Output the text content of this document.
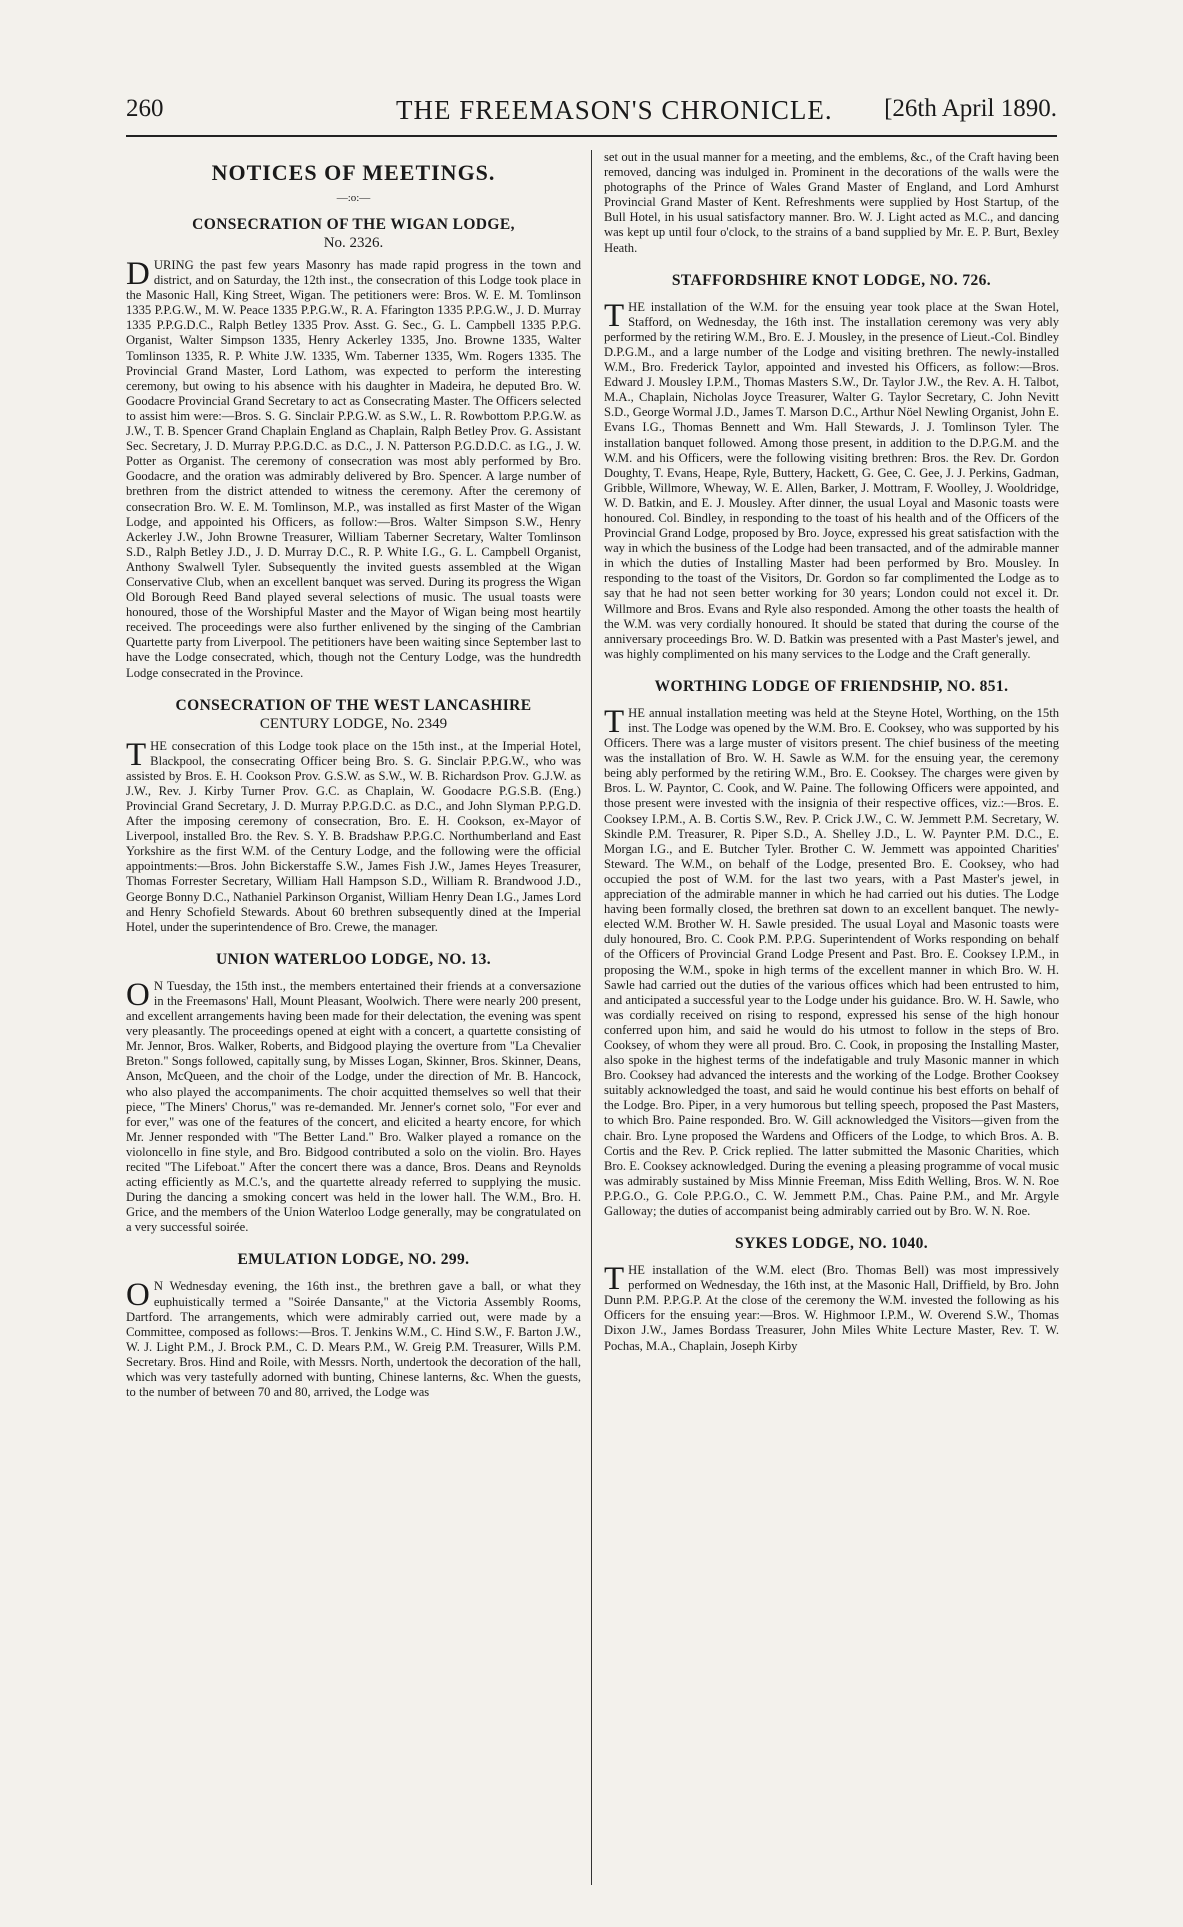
260	THE FREEMASON'S CHRONICLE. [26th April 1890.
NOTICES OF MEETINGS.
—:o:—
CONSECRATION OF THE WIGAN LODGE,
No. 2326.

DURING the past few years Masonry has made rapid progress in the town and district, and on Saturday, the 12th inst., the consecration of this Lodge took place in the Masonic Hall, King Street, Wigan. The petitioners were: Bros. W. E. M. Tomlinson 1335 P.P.G.W., M. W. Peace 1335 P.P.G.W., R. A. Ffarington 1335 P.P.G.W., J. D. Murray 1335 P.P.G.D.C., Ralph Betley 1335 Prov. Asst. G. Sec., G. L. Campbell 1335 P.P.G. Organist, Walter Simpson 1335, Henry Ackerley 1335, Jno. Browne 1335, Walter Tomlinson 1335, R. P. White J.W. 1335, Wm. Taberner 1335, Wm. Rogers 1335. The Provincial Grand Master, Lord Lathom, was expected to perform the interesting ceremony, but owing to his absence with his daughter in Madeira, he deputed Bro. W. Goodacre Provincial Grand Secretary to act as Consecrating Master. The Officers selected to assist him were:—Bros. S. G. Sinclair P.P.G.W. as S.W., L. R. Rowbottom P.P.G.W. as J.W., T. B. Spencer Grand Chaplain England as Chaplain, Ralph Betley Prov. G. Assistant Sec. Secretary, J. D. Murray P.P.G.D.C. as D.C., J. N. Patterson P.G.D.D.C. as I.G., J. W. Potter as Organist. The ceremony of consecration was most ably performed by Bro. Goodacre, and the oration was admirably delivered by Bro. Spencer. A large number of brethren from the district attended to witness the ceremony. After the ceremony of consecration Bro. W. E. M. Tomlinson, M.P., was installed as first Master of the Wigan Lodge, and appointed his Officers, as follow:—Bros. Walter Simpson S.W., Henry Ackerley J.W., John Browne Treasurer, William Taberner Secretary, Walter Tomlinson S.D., Ralph Betley J.D., J. D. Murray D.C., R. P. White I.G., G. L. Campbell Organist, Anthony Swalwell Tyler. Subsequently the invited guests assembled at the Wigan Conservative Club, when an excellent banquet was served. During its progress the Wigan Old Borough Reed Band played several selections of music. The usual toasts were honoured, those of the Worshipful Master and the Mayor of Wigan being most heartily received. The proceedings were also further enlivened by the singing of the Cambrian Quartette party from Liverpool. The petitioners have been waiting since September last to have the Lodge consecrated, which, though not the Century Lodge, was the hundredth Lodge consecrated in the Province.

CONSECRATION OF THE WEST LANCASHIRE
CENTURY LODGE, No. 2349

THE consecration of this Lodge took place on the 15th inst., at the Imperial Hotel, Blackpool, the consecrating Officer being Bro. S. G. Sinclair P.P.G.W., who was assisted by Bros. E. H. Cookson Prov. G.S.W. as S.W., W. B. Richardson Prov. G.J.W. as J.W., Rev. J. Kirby Turner Prov. G.C. as Chaplain, W. Goodacre P.G.S.B. (Eng.) Provincial Grand Secretary, J. D. Murray P.P.G.D.C. as D.C., and John Slyman P.P.G.D. After the imposing ceremony of consecration, Bro. E. H. Cookson, ex-Mayor of Liverpool, installed Bro. the Rev. S. Y. B. Bradshaw P.P.G.C. Northumberland and East Yorkshire as the first W.M. of the Century Lodge, and the following were the official appointments:—Bros. John Bickerstaffe S.W., James Fish J.W., James Heyes Treasurer, Thomas Forrester Secretary, William Hall Hampson S.D., William R. Brandwood J.D., George Bonny D.C., Nathaniel Parkinson Organist, William Henry Dean I.G., James Lord and Henry Schofield Stewards. About 60 brethren subsequently dined at the Imperial Hotel, under the superintendence of Bro. Crewe, the manager.

UNION WATERLOO LODGE, NO. 13.

ON Tuesday, the 15th inst., the members entertained their friends at a conversazione in the Freemasons' Hall, Mount Pleasant, Woolwich. There were nearly 200 present, and excellent arrangements having been made for their delectation, the evening was spent very pleasantly. The proceedings opened at eight with a concert, a quartette consisting of Mr. Jennor, Bros. Walker, Roberts, and Bidgood playing the overture from "La Chevalier Breton." Songs followed, capitally sung, by Misses Logan, Skinner, Bros. Skinner, Deans, Anson, McQueen, and the choir of the Lodge, under the direction of Mr. B. Hancock, who also played the accompaniments. The choir acquitted themselves so well that their piece, "The Miners' Chorus," was re-demanded. Mr. Jenner's cornet solo, "For ever and for ever," was one of the features of the concert, and elicited a hearty encore, for which Mr. Jenner responded with "The Better Land." Bro. Walker played a romance on the violoncello in fine style, and Bro. Bidgood contributed a solo on the violin. Bro. Hayes recited "The Lifeboat." After the concert there was a dance, Bros. Deans and Reynolds acting efficiently as M.C.'s, and the quartette already referred to supplying the music. During the dancing a smoking concert was held in the lower hall. The W.M., Bro. H. Grice, and the members of the Union Waterloo Lodge generally, may be congratulated on a very successful soirée.

EMULATION LODGE, NO. 299.

ON Wednesday evening, the 16th inst., the brethren gave a ball, or what they euphuistically termed a "Soirée Dansante," at the Victoria Assembly Rooms, Dartford. The arrangements, which were admirably carried out, were made by a Committee, composed as follows:—Bros. T. Jenkins W.M., C. Hind S.W., F. Barton J.W., W. J. Light P.M., J. Brock P.M., C. D. Mears P.M., W. Greig P.M. Treasurer, Wills P.M. Secretary. Bros. Hind and Roile, with Messrs. North, undertook the decoration of the hall, which was very tastefully adorned with bunting, Chinese lanterns, &c. When the guests, to the number of between 70 and 80, arrived, the Lodge was

set out in the usual manner for a meeting, and the emblems, &c., of the Craft having been removed, dancing was indulged in. Prominent in the decorations of the walls were the photographs of the Prince of Wales Grand Master of England, and Lord Amhurst Provincial Grand Master of Kent. Refreshments were supplied by Host Startup, of the Bull Hotel, in his usual satisfactory manner. Bro. W. J. Light acted as M.C., and dancing was kept up until four o'clock, to the strains of a band supplied by Mr. E. P. Burt, Bexley Heath.

STAFFORDSHIRE KNOT LODGE, NO. 726.

THE installation of the W.M. for the ensuing year took place at the Swan Hotel, Stafford, on Wednesday, the 16th inst. The installation ceremony was very ably performed by the retiring W.M., Bro. E. J. Mousley, in the presence of Lieut.-Col. Bindley D.P.G.M., and a large number of the Lodge and visiting brethren. The newly-installed W.M., Bro. Frederick Taylor, appointed and invested his Officers, as follow:—Bros. Edward J. Mousley I.P.M., Thomas Masters S.W., Dr. Taylor J.W., the Rev. A. H. Talbot, M.A., Chaplain, Nicholas Joyce Treasurer, Walter G. Taylor Secretary, C. John Nevitt S.D., George Wormal J.D., James T. Marson D.C., Arthur Nöel Newling Organist, John E. Evans I.G., Thomas Bennett and Wm. Hall Stewards, J. J. Tomlinson Tyler. The installation banquet followed. Among those present, in addition to the D.P.G.M. and the W.M. and his Officers, were the following visiting brethren: Bros. the Rev. Dr. Gordon Doughty, T. Evans, Heape, Ryle, Buttery, Hackett, G. Gee, C. Gee, J. J. Perkins, Gadman, Gribble, Willmore, Wheway, W. E. Allen, Barker, J. Mottram, F. Woolley, J. Wooldridge, W. D. Batkin, and E. J. Mousley. After dinner, the usual Loyal and Masonic toasts were honoured. Col. Bindley, in responding to the toast of his health and of the Officers of the Provincial Grand Lodge, proposed by Bro. Joyce, expressed his great satisfaction with the way in which the business of the Lodge had been transacted, and of the admirable manner in which the duties of Installing Master had been performed by Bro. Mousley. In responding to the toast of the Visitors, Dr. Gordon so far complimented the Lodge as to say that he had not seen better working for 30 years; London could not excel it. Dr. Willmore and Bros. Evans and Ryle also responded. Among the other toasts the health of the W.M. was very cordially honoured. It should be stated that during the course of the anniversary proceedings Bro. W. D. Batkin was presented with a Past Master's jewel, and was highly complimented on his many services to the Lodge and the Craft generally.

WORTHING LODGE OF FRIENDSHIP, NO. 851.

THE annual installation meeting was held at the Steyne Hotel, Worthing, on the 15th inst. The Lodge was opened by the W.M. Bro. E. Cooksey, who was supported by his Officers. There was a large muster of visitors present. The chief business of the meeting was the installation of Bro. W. H. Sawle as W.M. for the ensuing year, the ceremony being ably performed by the retiring W.M., Bro. E. Cooksey. The charges were given by Bros. L. W. Payntor, C. Cook, and W. Paine. The following Officers were appointed, and those present were invested with the insignia of their respective offices, viz.:—Bros. E. Cooksey I.P.M., A. B. Cortis S.W., Rev. P. Crick J.W., C. W. Jemmett P.M. Secretary, W. Skindle P.M. Treasurer, R. Piper S.D., A. Shelley J.D., L. W. Paynter P.M. D.C., E. Morgan I.G., and E. Butcher Tyler. Brother C. W. Jemmett was appointed Charities' Steward. The W.M., on behalf of the Lodge, presented Bro. E. Cooksey, who had occupied the post of W.M. for the last two years, with a Past Master's jewel, in appreciation of the admirable manner in which he had carried out his duties. The Lodge having been formally closed, the brethren sat down to an excellent banquet. The newly-elected W.M. Brother W. H. Sawle presided. The usual Loyal and Masonic toasts were duly honoured, Bro. C. Cook P.M. P.P.G. Superintendent of Works responding on behalf of the Officers of Provincial Grand Lodge Present and Past. Bro. E. Cooksey I.P.M., in proposing the W.M., spoke in high terms of the excellent manner in which Bro. W. H. Sawle had carried out the duties of the various offices which had been entrusted to him, and anticipated a successful year to the Lodge under his guidance. Bro. W. H. Sawle, who was cordially received on rising to respond, expressed his sense of the high honour conferred upon him, and said he would do his utmost to follow in the steps of Bro. Cooksey, of whom they were all proud. Bro. C. Cook, in proposing the Installing Master, also spoke in the highest terms of the indefatigable and truly Masonic manner in which Bro. Cooksey had advanced the interests and the working of the Lodge. Brother Cooksey suitably acknowledged the toast, and said he would continue his best efforts on behalf of the Lodge. Bro. Piper, in a very humorous but telling speech, proposed the Past Masters, to which Bro. Paine responded. Bro. W. Gill acknowledged the Visitors—given from the chair. Bro. Lyne proposed the Wardens and Officers of the Lodge, to which Bros. A. B. Cortis and the Rev. P. Crick replied. The latter submitted the Masonic Charities, which Bro. E. Cooksey acknowledged. During the evening a pleasing programme of vocal music was admirably sustained by Miss Minnie Freeman, Miss Edith Welling, Bros. W. N. Roe P.P.G.O., G. Cole P.P.G.O., C. W. Jemmett P.M., Chas. Paine P.M., and Mr. Argyle Galloway; the duties of accompanist being admirably carried out by Bro. W. N. Roe.

SYKES LODGE, NO. 1040.

THE installation of the W.M. elect (Bro. Thomas Bell) was most impressively performed on Wednesday, the 16th inst, at the Masonic Hall, Driffield, by Bro. John Dunn P.M. P.P.G.P. At the close of the ceremony the W.M. invested the following as his Officers for the ensuing year:—Bros. W. Highmoor I.P.M., W. Overend S.W., Thomas Dixon J.W., James Bordass Treasurer, John Miles White Lecture Master, Rev. T. W. Pochas, M.A., Chaplain, Joseph Kirby
